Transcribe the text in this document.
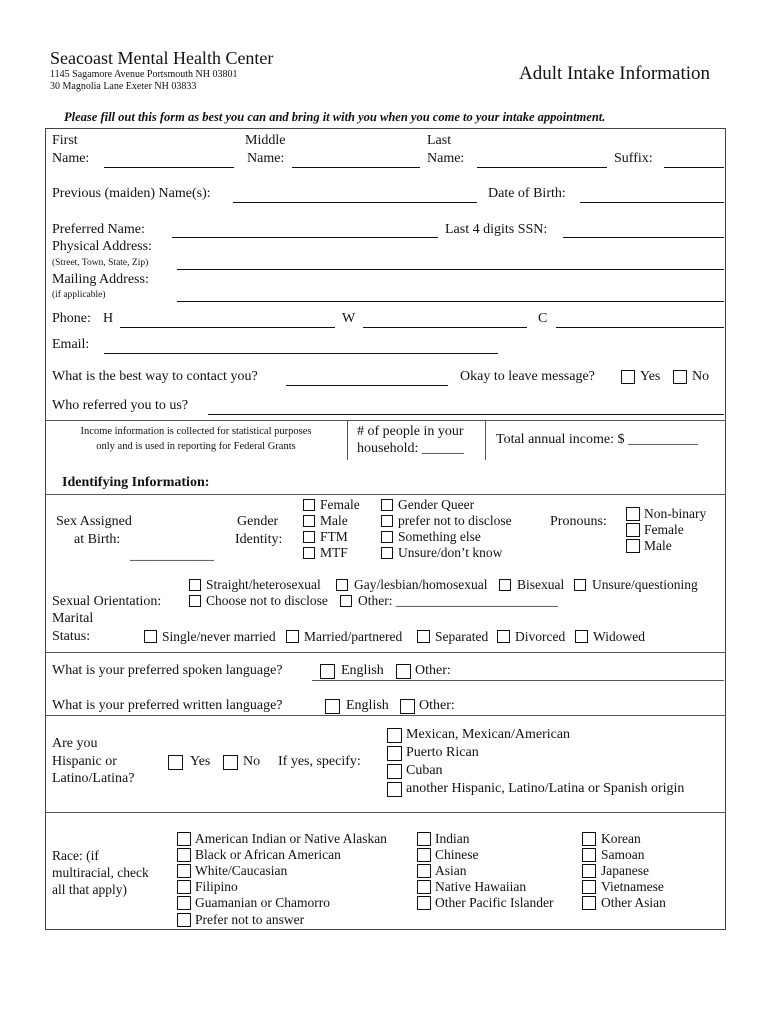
Seacoast Mental Health Center
1145 Sagamore Avenue Portsmouth NH 03801
30 Magnolia Lane Exeter NH 03833
Adult Intake Information
Please fill out this form as best you can and bring it with you when you come to your intake appointment.
First
Name:
Middle
Name:
Last
Name:	Suffix:
Previous (maiden) Name(s):	Date of Birth:
Preferred Name:	Last 4 digits SSN:
Physical Address:
(Street, Town, State, Zip)
Mailing Address:
(if applicable)
Phone: H	W	C
Email:
What is the best way to contact you?	Okay to leave message?	Yes No
Who referred you to us?
Income information is collected for statistical purposes
only and is used in reporting for Federal Grants
# of people in your
household: ______
Total annual income: $ __________
Identifying Information:
Sex Assigned
at Birth:
____________
Gender
Identity:
Female
Male
FTM
MTF
Gender Queer
prefer not to disclose
Something else
Unsure/don’t know
Pronouns:
Non-binary
Female
Male
Straight/heterosexual Gay/lesbian/homosexual Bisexual Unsure/questioning
Sexual Orientation:	Choose not to disclose Other: ________________________
Marital
Status:	Single/never married Married/partnered Separated Divorced Widowed
What is your preferred spoken language?	English Other:
What is your preferred written language?	English Other:
Are you
Hispanic or
Latino/Latina?
Yes No If yes, specify:
Mexican, Mexican/American
Puerto Rican
Cuban
another Hispanic, Latino/Latina or Spanish origin
Race: (if
multiracial, check
all that apply)
American Indian or Native Alaskan
Black or African American
White/Caucasian
Filipino
Guamanian or Chamorro
Prefer not to answer
Indian
Chinese
Asian
Native Hawaiian
Other Pacific Islander
Korean
Samoan
Japanese
Vietnamese
Other Asian
